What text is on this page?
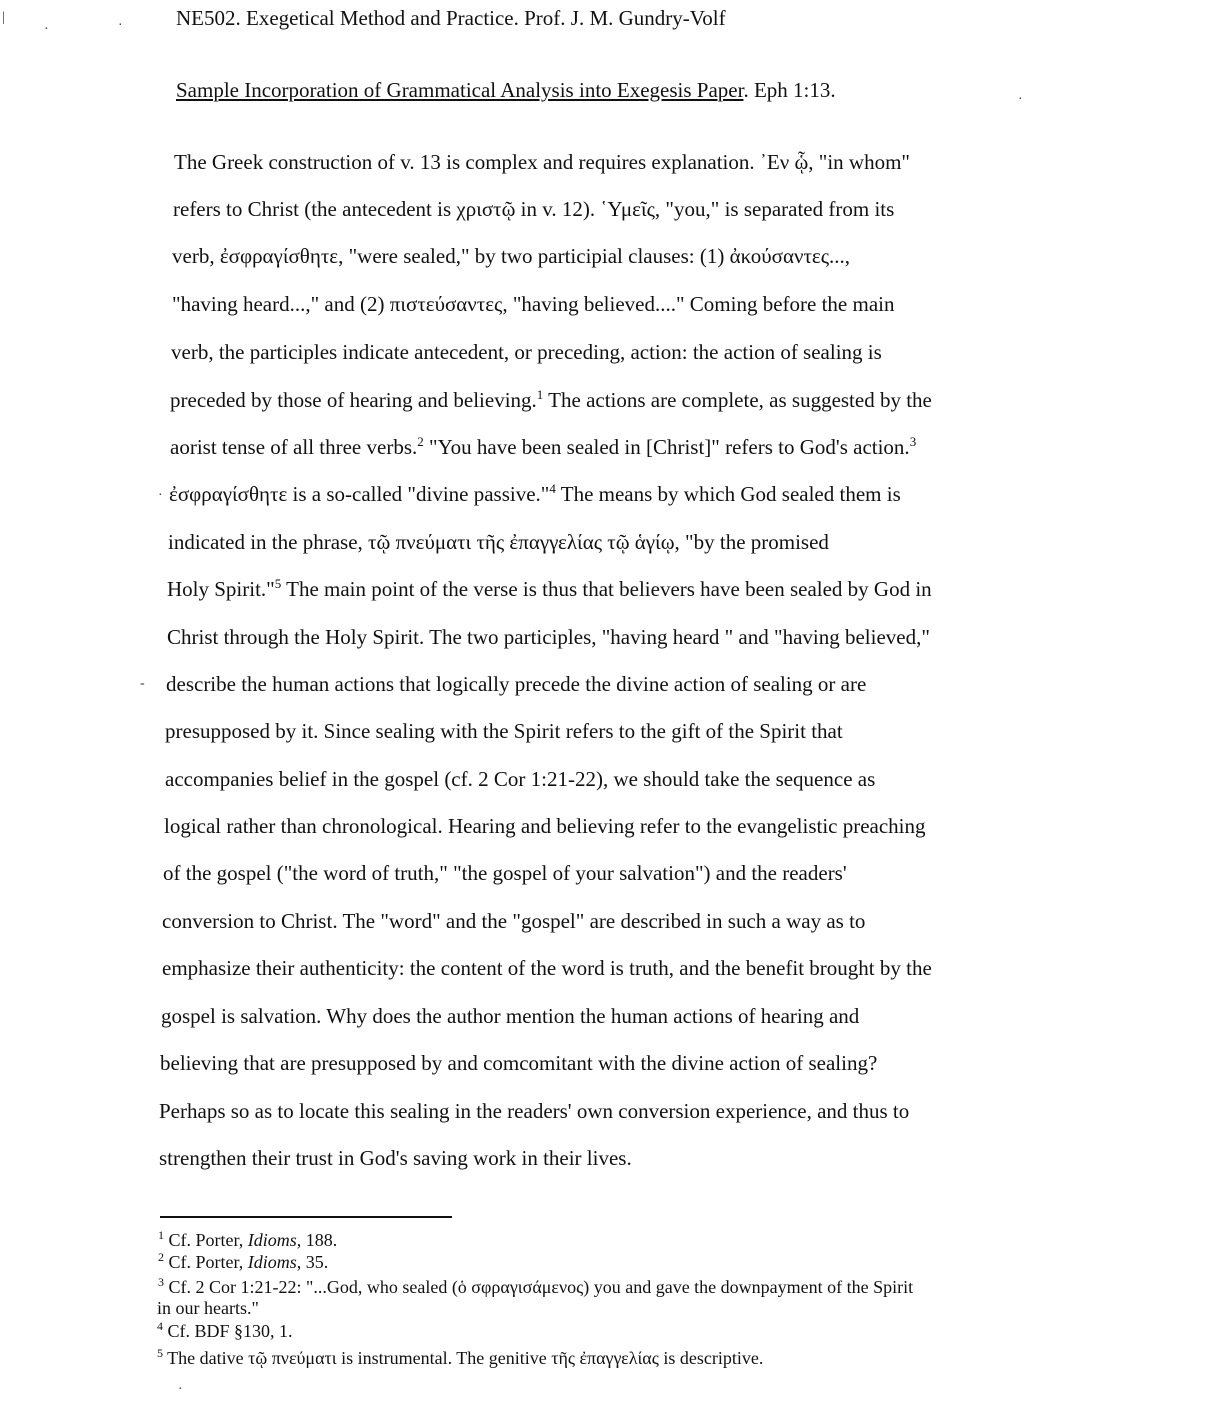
NE502. Exegetical Method and Practice. Prof. J. M. Gundry-Volf
Sample Incorporation of Grammatical Analysis into Exegesis Paper. Eph 1:13.
The Greek construction of v. 13 is complex and requires explanation. ᾿Εν ᾧ, "in whom"
refers to Christ (the antecedent is χριστῷ in v. 12). ῾Υμεῖς, "you," is separated from its
verb, ἐσφραγίσθητε, "were sealed," by two participial clauses: (1) ἀκούσαντες...,
"having heard...," and (2) πιστεύσαντες, "having believed...." Coming before the main
verb, the participles indicate antecedent, or preceding, action: the action of sealing is
preceded by those of hearing and believing.$^1$ The actions are complete, as suggested by the
aorist tense of all three verbs.$^2$ "You have been sealed in [Christ]" refers to God's action.$^3$
ἐσφραγίσθητε is a so-called "divine passive."$^4$ The means by which God sealed them is
indicated in the phrase, τῷ πνεύματι τῆς ἐπαγγελίας τῷ ἁγίῳ, "by the promised
Holy Spirit."$^5$ The main point of the verse is thus that believers have been sealed by God in
Christ through the Holy Spirit. The two participles, "having heard " and "having believed,"
describe the human actions that logically precede the divine action of sealing or are
presupposed by it. Since sealing with the Spirit refers to the gift of the Spirit that
accompanies belief in the gospel (cf. 2 Cor 1:21-22), we should take the sequence as
logical rather than chronological. Hearing and believing refer to the evangelistic preaching
of the gospel ("the word of truth," "the gospel of your salvation") and the readers'
conversion to Christ. The "word" and the "gospel" are described in such a way as to
emphasize their authenticity: the content of the word is truth, and the benefit brought by the
gospel is salvation. Why does the author mention the human actions of hearing and
believing that are presupposed by and comcomitant with the divine action of sealing?
Perhaps so as to locate this sealing in the readers' own conversion experience, and thus to
strengthen their trust in God's saving work in their lives.
$^1$ Cf. Porter, Idioms, 188.
$^2$ Cf. Porter, Idioms, 35.
$^3$ Cf. 2 Cor 1:21-22: "...God, who sealed (ὁ σφραγισάμενος) you and gave the downpayment of the Spirit
in our hearts."
$^4$ Cf. BDF §130, 1.
$^5$ The dative τῷ πνεύματι is instrumental. The genitive τῆς ἐπαγγελίας is descriptive.
|
·	·
-
·
·
·
